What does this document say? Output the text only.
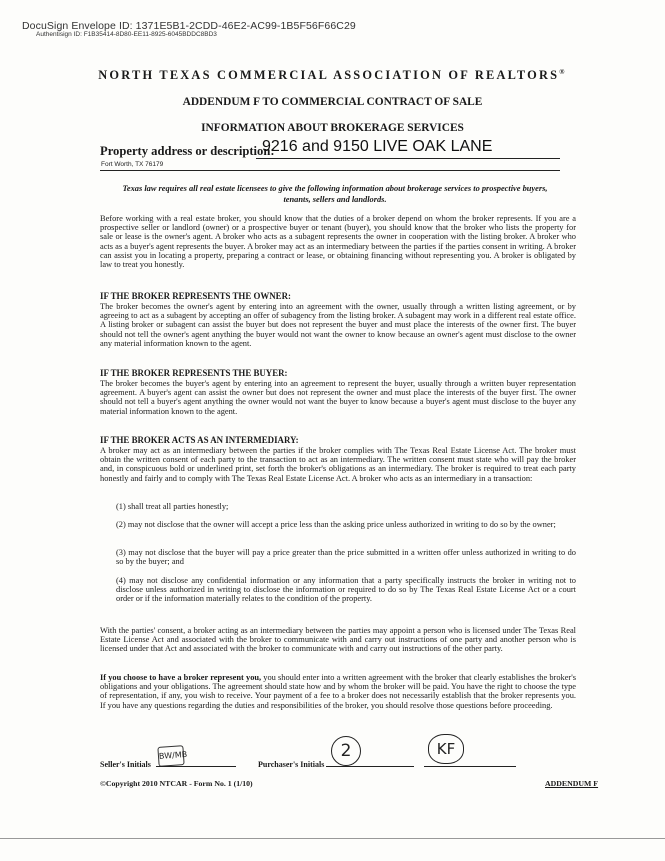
DocuSign Envelope ID: 1371E5B1-2CDD-46E2-AC99-1B5F56F66C29
Authentisign ID: F1B35414-8D80-EE11-8925-6045BDDC8BD3
NORTH TEXAS COMMERCIAL ASSOCIATION OF REALTORS®
ADDENDUM F TO COMMERCIAL CONTRACT OF SALE
INFORMATION ABOUT BROKERAGE SERVICES
Property address or description:
9216 and 9150 LIVE OAK LANE
Fort Worth, TX 76179
Texas law requires all real estate licensees to give the following information about brokerage services to prospective buyers, tenants, sellers and landlords.
Before working with a real estate broker, you should know that the duties of a broker depend on whom the broker represents. If you are a prospective seller or landlord (owner) or a prospective buyer or tenant (buyer), you should know that the broker who lists the property for sale or lease is the owner's agent. A broker who acts as a subagent represents the owner in cooperation with the listing broker. A broker who acts as a buyer's agent represents the buyer. A broker may act as an intermediary between the parties if the parties consent in writing. A broker can assist you in locating a property, preparing a contract or lease, or obtaining financing without representing you. A broker is obligated by law to treat you honestly.
IF THE BROKER REPRESENTS THE OWNER:
The broker becomes the owner's agent by entering into an agreement with the owner, usually through a written listing agreement, or by agreeing to act as a subagent by accepting an offer of subagency from the listing broker. A subagent may work in a different real estate office. A listing broker or subagent can assist the buyer but does not represent the buyer and must place the interests of the owner first. The buyer should not tell the owner's agent anything the buyer would not want the owner to know because an owner's agent must disclose to the owner any material information known to the agent.
IF THE BROKER REPRESENTS THE BUYER:
The broker becomes the buyer's agent by entering into an agreement to represent the buyer, usually through a written buyer representation agreement. A buyer's agent can assist the owner but does not represent the owner and must place the interests of the buyer first. The owner should not tell a buyer's agent anything the owner would not want the buyer to know because a buyer's agent must disclose to the buyer any material information known to the agent.
IF THE BROKER ACTS AS AN INTERMEDIARY:
A broker may act as an intermediary between the parties if the broker complies with The Texas Real Estate License Act. The broker must obtain the written consent of each party to the transaction to act as an intermediary. The written consent must state who will pay the broker and, in conspicuous bold or underlined print, set forth the broker's obligations as an intermediary. The broker is required to treat each party honestly and fairly and to comply with The Texas Real Estate License Act. A broker who acts as an intermediary in a transaction:
(1) shall treat all parties honestly;
(2) may not disclose that the owner will accept a price less than the asking price unless authorized in writing to do so by the owner;
(3) may not disclose that the buyer will pay a price greater than the price submitted in a written offer unless authorized in writing to do so by the buyer; and
(4) may not disclose any confidential information or any information that a party specifically instructs the broker in writing not to disclose unless authorized in writing to disclose the information or required to do so by The Texas Real Estate License Act or a court order or if the information materially relates to the condition of the property.
With the parties' consent, a broker acting as an intermediary between the parties may appoint a person who is licensed under The Texas Real Estate License Act and associated with the broker to communicate with and carry out instructions of one party and another person who is licensed under that Act and associated with the broker to communicate with and carry out instructions of the other party.
If you choose to have a broker represent you, you should enter into a written agreement with the broker that clearly establishes the broker's obligations and your obligations. The agreement should state how and by whom the broker will be paid. You have the right to choose the type of representation, if any, you wish to receive. Your payment of a fee to a broker does not necessarily establish that the broker represents you. If you have any questions regarding the duties and responsibilities of the broker, you should resolve those questions before proceeding.
Seller's Initials
BW/MB
Purchaser's Initials
2	KF
©Copyright 2010 NTCAR - Form No. 1 (1/10)	ADDENDUM F
